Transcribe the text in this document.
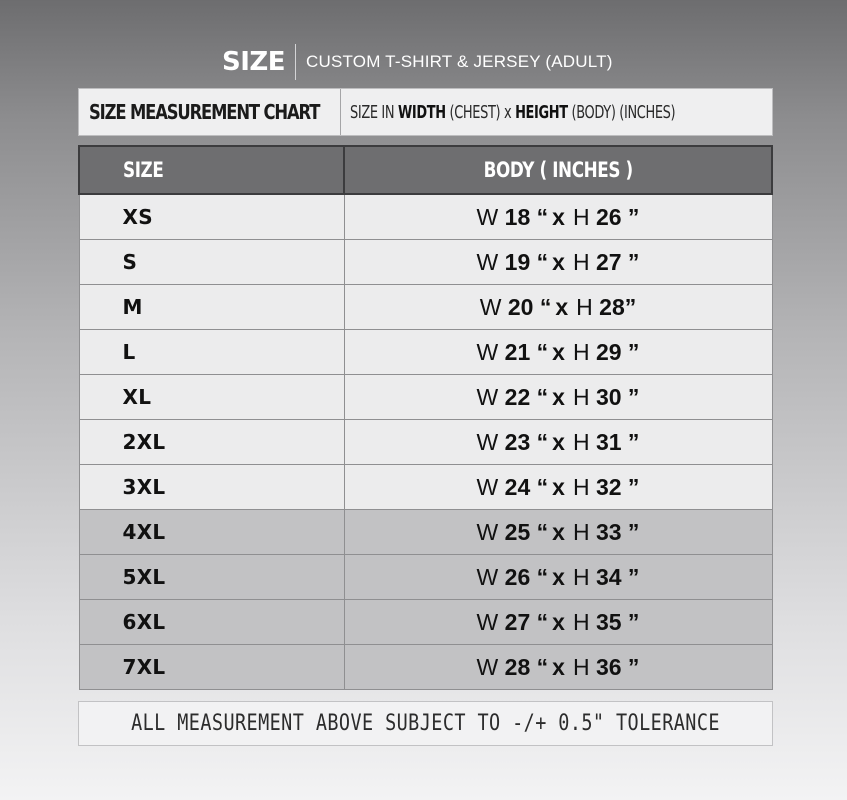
SIZE CUSTOM T-SHIRT & JERSEY (ADULT)
SIZE MEASUREMENT CHART SIZE IN WIDTH (CHEST) x HEIGHT (BODY) (INCHES)
SIZE	BODY ( INCHES )
XS	W 18 “ x H 26 ”
S	W 19 “ x H 27 ”
M	W 20 “ x H 28”
L	W 21 “ x H 29 ”
XL	W 22 “ x H 30 ”
2XL	W 23 “ x H 31 ”
3XL	W 24 “ x H 32 ”
4XL	W 25 “ x H 33 ”
5XL	W 26 “ x H 34 ”
6XL	W 27 “ x H 35 ”
7XL	W 28 “ x H 36 ”
ALL MEASUREMENT ABOVE SUBJECT TO -/+ 0.5" TOLERANCE
